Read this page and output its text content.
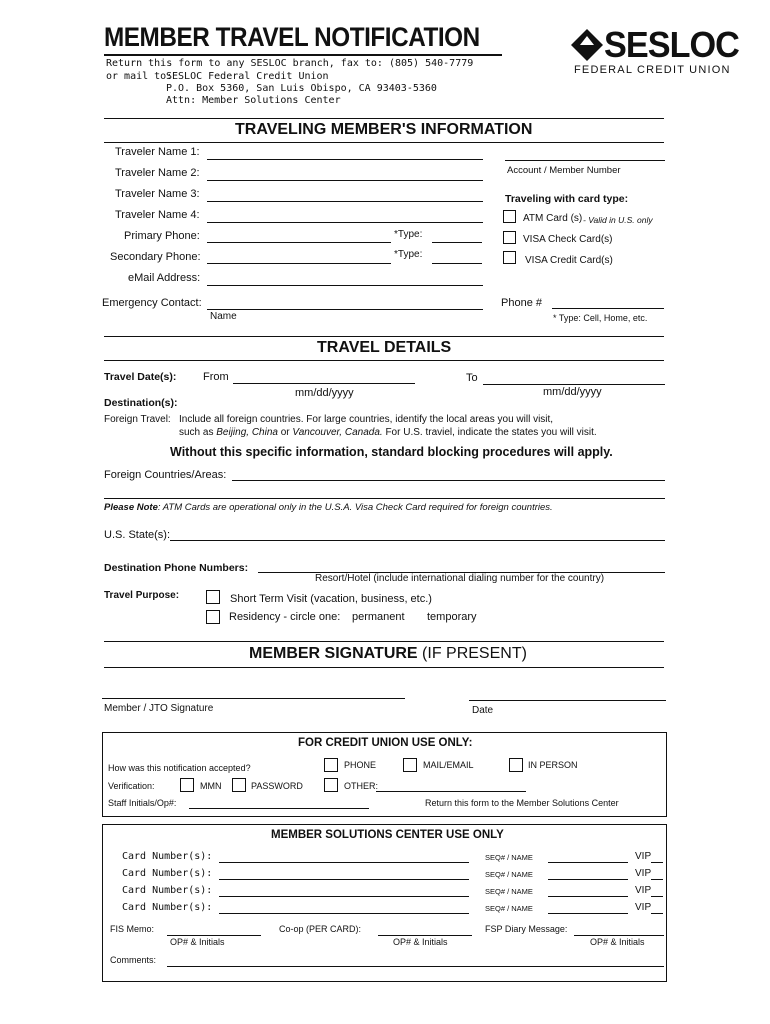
MEMBER TRAVEL NOTIFICATION
Return this form to any SESLOC branch, fax to: (805) 540-7779
or mail to:
SESLOC Federal Credit Union
P.O. Box 5360, San Luis Obispo, CA 93403-5360
Attn: Member Solutions Center
SESLOC
FEDERAL CREDIT UNION
TRAVELING MEMBER'S INFORMATION
Traveler Name 1:
Traveler Name 2:
Traveler Name 3:
Traveler Name 4:
Primary Phone:	*Type:
Secondary Phone:	*Type:
eMail Address:
Emergency Contact:
Name
Phone #
* Type: Cell, Home, etc.
Account / Member Number
Traveling with card type:
ATM Card (s) - Valid in U.S. only
VISA Check Card(s)
VISA Credit Card(s)
TRAVEL DETAILS
Travel Date(s): From
mm/dd/yyyy
To
mm/dd/yyyy
Destination(s):
Foreign Travel: Include all foreign countries. For large countries, identify the local areas you will visit,
such as Beijing, China or Vancouver, Canada. For U.S. traviel, indicate the states you will visit.
Without this specific information, standard blocking procedures will apply.
Foreign Countries/Areas:
Please Note: ATM Cards are operational only in the U.S.A. Visa Check Card required for foreign countries.
U.S. State(s):
Destination Phone Numbers:
Resort/Hotel (include international dialing number for the country)
Travel Purpose:	Short Term Visit (vacation, business, etc.)
Residency - circle one: permanent temporary
MEMBER SIGNATURE (IF PRESENT)
Member / JTO Signature	Date
FOR CREDIT UNION USE ONLY:
How was this notification accepted?	PHONE	MAIL/EMAIL	IN PERSON
Verification:	MMN	PASSWORD	OTHER:
Staff Initials/Op#:	Return this form to the Member Solutions Center
MEMBER SOLUTIONS CENTER USE ONLY
Card Number(s):	SEQ# / NAME	VIP
Card Number(s):	SEQ# / NAME	VIP
Card Number(s):	SEQ# / NAME	VIP
Card Number(s):	SEQ# / NAME	VIP
FIS Memo:
OP# & Initials
Co-op (PER CARD):
OP# & Initials
FSP Diary Message:
OP# & Initials
Comments:
